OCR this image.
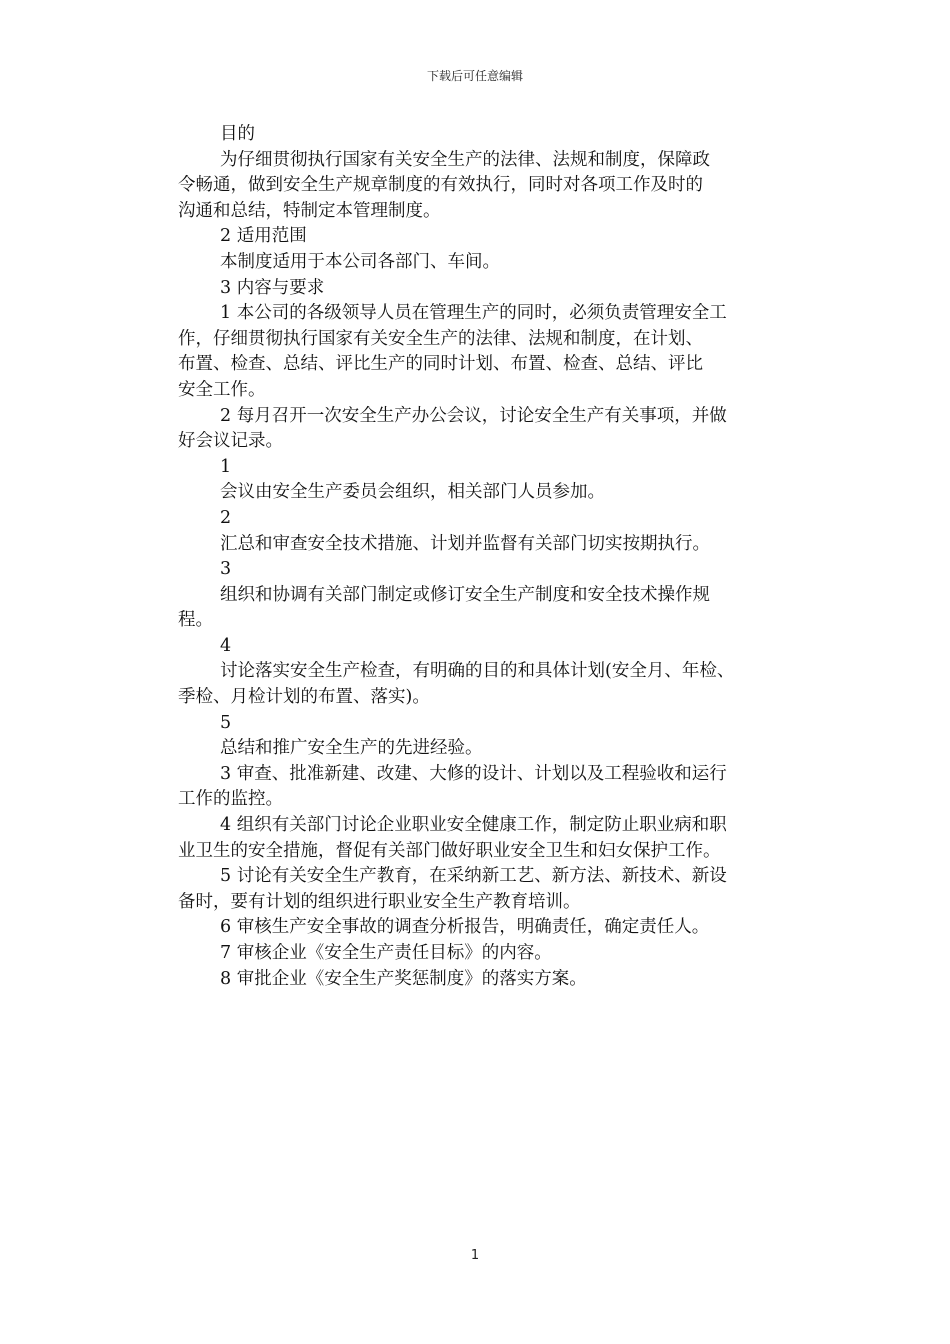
下载后可任意编辑

目的

为仔细贯彻执行国家有关安全生产的法律、法规和制度，保障政
令畅通，做到安全生产规章制度的有效执行，同时对各项工作及时的
沟通和总结，特制定本管理制度。

2 适用范围

本制度适用于本公司各部门、车间。

3 内容与要求

1 本公司的各级领导人员在管理生产的同时，必须负责管理安全工
作，仔细贯彻执行国家有关安全生产的法律、法规和制度，在计划、
布置、检查、总结、评比生产的同时计划、布置、检查、总结、评比
安全工作。

2 每月召开一次安全生产办公会议，讨论安全生产有关事项，并做
好会议记录。

1

会议由安全生产委员会组织，相关部门人员参加。

2

汇总和审查安全技术措施、计划并监督有关部门切实按期执行。

3

组织和协调有关部门制定或修订安全生产制度和安全技术操作规
程。

4

讨论落实安全生产检查，有明确的目的和具体计划(安全月、年检、
季检、月检计划的布置、落实)。

5

总结和推广安全生产的先进经验。

3 审查、批准新建、改建、大修的设计、计划以及工程验收和运行
工作的监控。

4 组织有关部门讨论企业职业安全健康工作，制定防止职业病和职
业卫生的安全措施，督促有关部门做好职业安全卫生和妇女保护工作。

5 讨论有关安全生产教育，在采纳新工艺、新方法、新技术、新设
备时，要有计划的组织进行职业安全生产教育培训。

6 审核生产安全事故的调查分析报告，明确责任，确定责任人。

7 审核企业《安全生产责任目标》的内容。

8 审批企业《安全生产奖惩制度》的落实方案。

1
